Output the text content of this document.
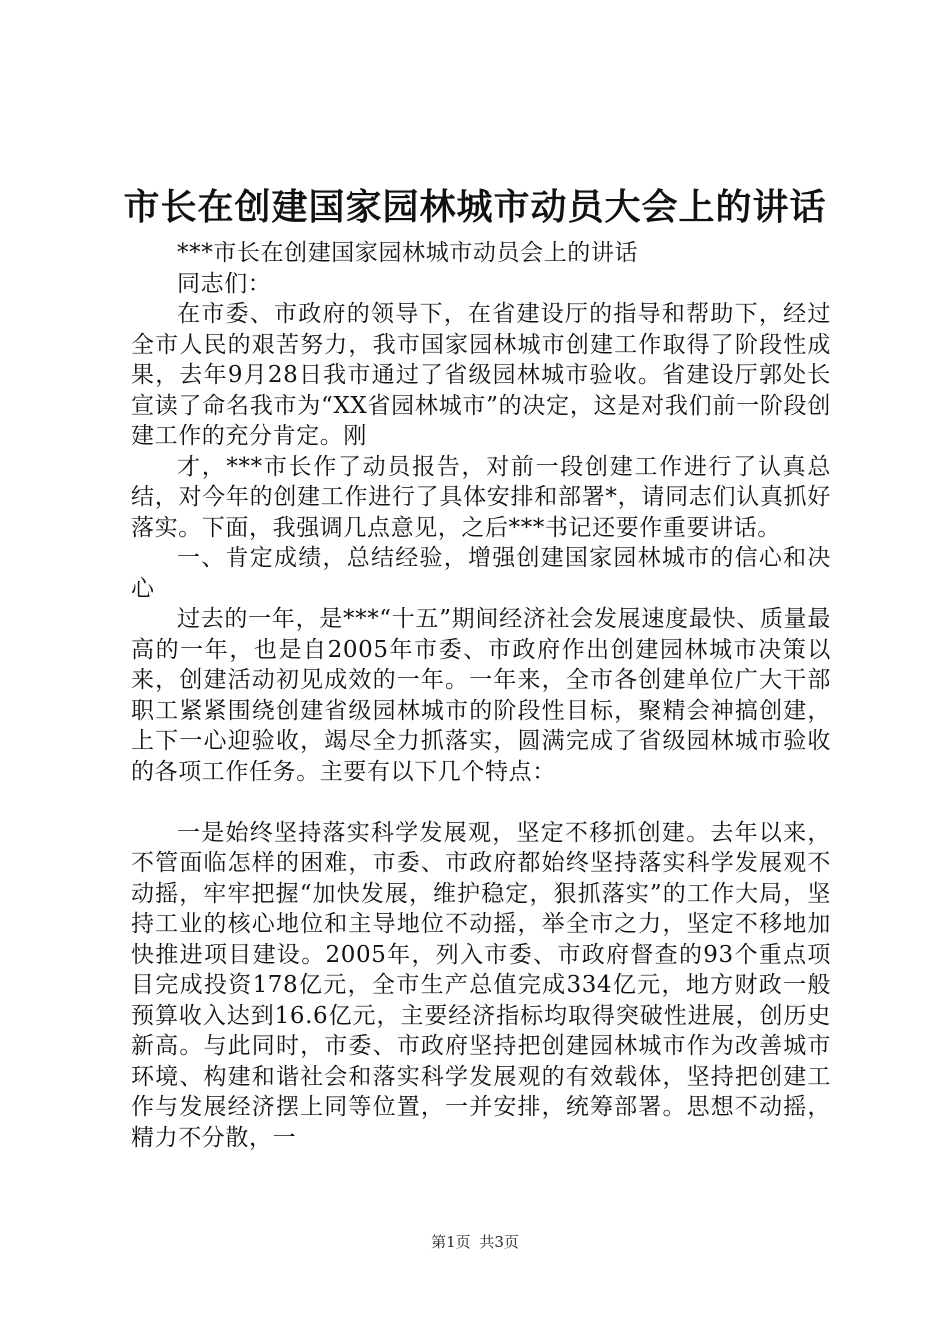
市长在创建国家园林城市动员大会上的讲话

***市长在创建国家园林城市动员会上的讲话

同志们：

在市委、市政府的领导下，在省建设厅的指导和帮助下，经过全市人民的艰苦努力，我市国家园林城市创建工作取得了阶段性成果，去年9月28日我市通过了省级园林城市验收。省建设厅郭处长宣读了命名我市为“XX省园林城市”的决定，这是对我们前一阶段创建工作的充分肯定。刚

才，***市长作了动员报告，对前一段创建工作进行了认真总结，对今年的创建工作进行了具体安排和部署*，请同志们认真抓好落实。下面，我强调几点意见，之后***书记还要作重要讲话。

一、肯定成绩，总结经验，增强创建国家园林城市的信心和决心

过去的一年，是***“十五”期间经济社会发展速度最快、质量最高的一年，也是自2005年市委、市政府作出创建园林城市决策以来，创建活动初见成效的一年。一年来，全市各创建单位广大干部职工紧紧围绕创建省级园林城市的阶段性目标，聚精会神搞创建，上下一心迎验收，竭尽全力抓落实，圆满完成了省级园林城市验收的各项工作任务。主要有以下几个特点：

一是始终坚持落实科学发展观，坚定不移抓创建。去年以来，不管面临怎样的困难，市委、市政府都始终坚持落实科学发展观不动摇，牢牢把握“加快发展，维护稳定，狠抓落实”的工作大局，坚持工业的核心地位和主导地位不动摇，举全市之力，坚定不移地加快推进项目建设。2005年，列入市委、市政府督查的93个重点项目完成投资178亿元，全市生产总值完成334亿元，地方财政一般预算收入达到16.6亿元，主要经济指标均取得突破性进展，创历史新高。与此同时，市委、市政府坚持把创建园林城市作为改善城市环境、构建和谐社会和落实科学发展观的有效载体，坚持把创建工作与发展经济摆上同等位置，一并安排，统筹部署。思想不动摇，精力不分散，一

第1页 共3页
